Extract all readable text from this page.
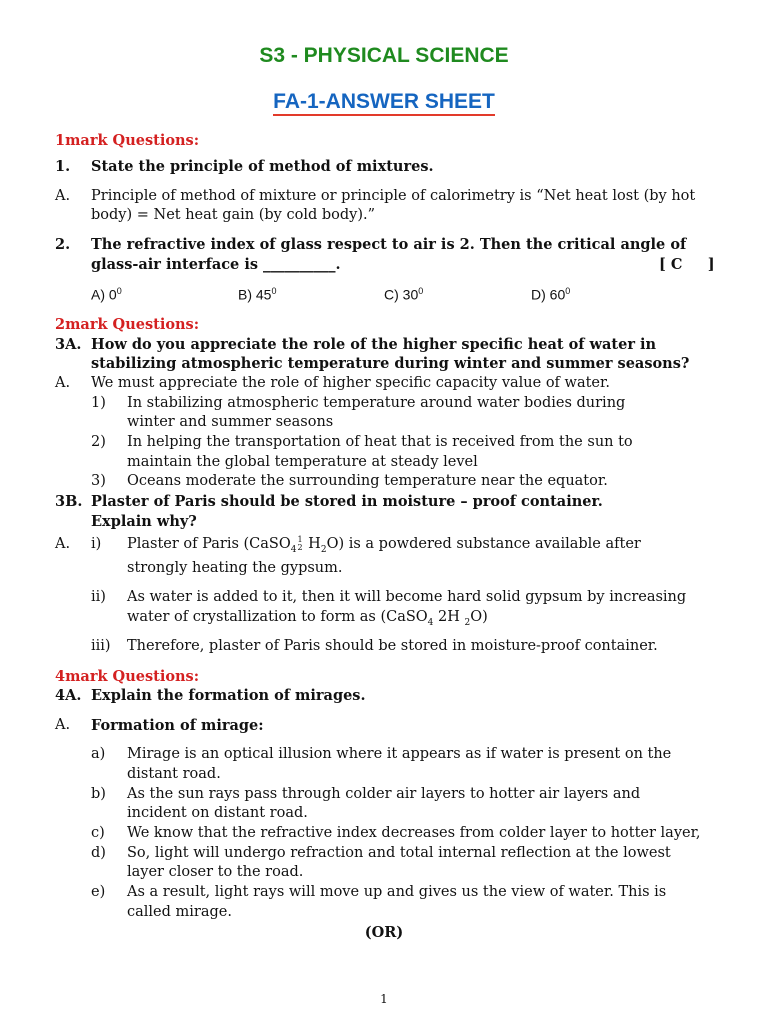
S3 - PHYSICAL SCIENCE
FA-1-ANSWER SHEET
1mark Questions:
1. State the principle of method of mixtures.
A. Principle of method of mixture or principle of calorimetry is “Net heat lost (by hot
body) = Net heat gain (by cold body).”
2. The refractive index of glass respect to air is 2. Then the critical angle of
glass-air interface is __________.	[ C     ]
A) $0^0$	B) $45^0$	C) $30^0$	D) $60^0$
2mark Questions:
3A. How do you appreciate the role of the higher specific heat of water in
stabilizing atmospheric temperature during winter and summer seasons?
A. We must appreciate the role of higher specific capacity value of water.
1) In stabilizing atmospheric temperature around water bodies during
winter and summer seasons
2) In helping the transportation of heat that is received from the sun to
maintain the global temperature at steady level
3) Oceans moderate the surrounding temperature near the equator.
3B. Plaster of Paris should be stored in moisture – proof container.
Explain why?
A. i) Plaster of Paris (CaSO$_4$
1
2 $H_2O$) is a powdered substance available after
strongly heating the gypsum.
ii) As water is added to it, then it will become hard solid gypsum by increasing
water of crystallization to form as (CaSO$_4$ 2H $_2$O)
iii) Therefore, plaster of Paris should be stored in moisture-proof container.
4mark Questions:
4A. Explain the formation of mirages.
A. Formation of mirage:
a) Mirage is an optical illusion where it appears as if water is present on the
distant road.
b) As the sun rays pass through colder air layers to hotter air layers and
incident on distant road.
c) We know that the refractive index decreases from colder layer to hotter layer,
d) So, light will undergo refraction and total internal reflection at the lowest
layer closer to the road.
e) As a result, light rays will move up and gives us the view of water. This is
called mirage.
(OR)
1
